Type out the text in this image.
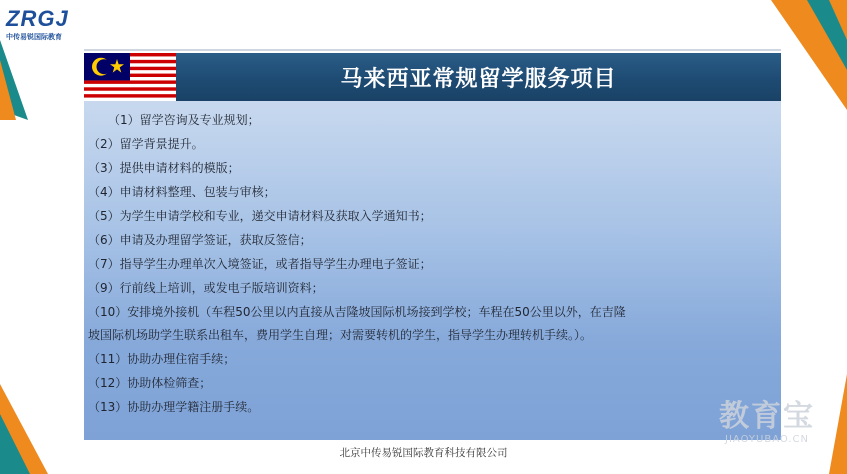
ZRGJ
中传易锐国际教育
马来西亚常规留学服务项目
（1）留学咨询及专业规划；
（2）留学背景提升。
（3）提供申请材料的模版；
（4）申请材料整理、包装与审核；
（5）为学生申请学校和专业，递交申请材料及获取入学通知书；
（6）申请及办理留学签证，获取反签信；
（7）指导学生办理单次入境签证，或者指导学生办理电子签证；
（9）行前线上培训，或发电子版培训资料；
（10）安排境外接机（车程50公里以内直接从吉隆坡国际机场接到学校；车程在50公里以外，在吉隆坡国际机场助学生联系出租车，费用学生自理；对需要转机的学生，指导学生办理转机手续。）。
（11）协助办理住宿手续；
（12）协助体检筛查；
（13）协助办理学籍注册手续。
北京中传易锐国际教育科技有限公司
教育宝
JIAOYUBAO.CN
